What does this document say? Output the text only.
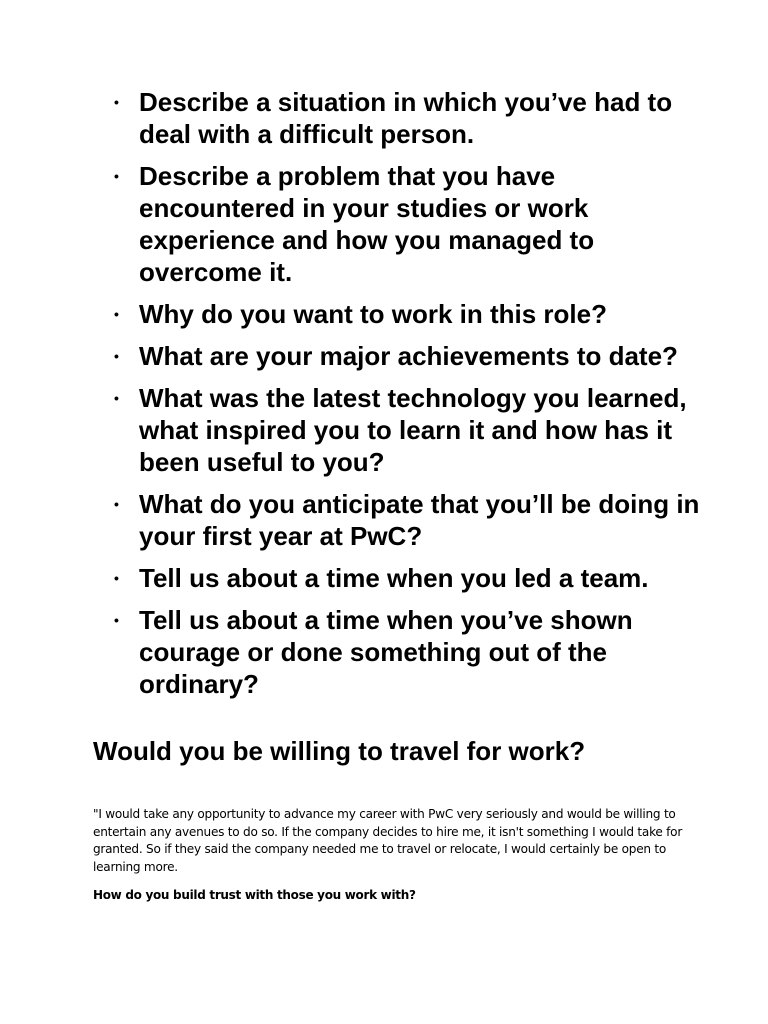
• Describe a situation in which you’ve had to deal with a difficult person.
• Describe a problem that you have encountered in your studies or work experience and how you managed to overcome it.
• Why do you want to work in this role?
• What are your major achievements to date?
• What was the latest technology you learned, what inspired you to learn it and how has it been useful to you?
• What do you anticipate that you’ll be doing in your first year at PwC?
• Tell us about a time when you led a team.
• Tell us about a time when you’ve shown courage or done something out of the ordinary?
Would you be willing to travel for work?

"I would take any opportunity to advance my career with PwC very seriously and would be willing to entertain any avenues to do so. If the company decides to hire me, it isn't something I would take for granted. So if they said the company needed me to travel or relocate, I would certainly be open to learning more.

How do you build trust with those you work with?
